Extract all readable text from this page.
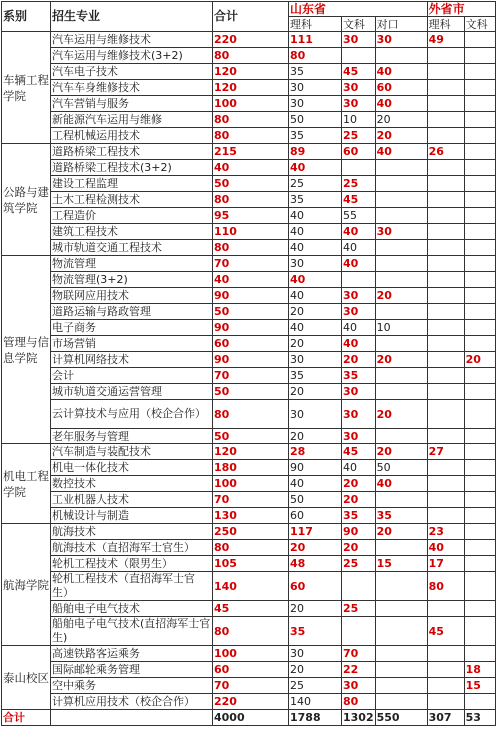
系别	招生专业	合计	山东省			外省市	
			理科	文科	对口	理科	文科
车辆工程学院	汽车运用与维修技术	220	111	30	30	49	
	汽车运用与维修技术(3+2)	80	80				
	汽车电子技术	120	35	45	40		
	汽车车身维修技术	120	30	30	60		
	汽车营销与服务	100	30	30	40		
	新能源汽车运用与维修	80	50	10	20		
	工程机械运用技术	80	35	25	20		
公路与建筑学院	道路桥梁工程技术	215	89	60	40	26	
	道路桥梁工程技术(3+2)	40	40				
	建设工程监理	50	25	25			
	土木工程检测技术	80	35	45			
	工程造价	95	40	55			
	建筑工程技术	110	40	40	30		
	城市轨道交通工程技术	80	40	40			
管理与信息学院	物流管理	70	30	40			
	物流管理(3+2)	40	40				
	物联网应用技术	90	40	30	20		
	道路运输与路政管理	50	20	30			
	电子商务	90	40	40	10		
	市场营销	60	20	40			
	计算机网络技术	90	30	20	20		20
	会计	70	35	35			
	城市轨道交通运营管理	50	20	30			
	云计算技术与应用（校企合作）	80	30	30	20		
	老年服务与管理	50	20	30			
机电工程学院	汽车制造与装配技术	120	28	45	20	27	
	机电一体化技术	180	90	40	50		
	数控技术	100	40	20	40		
	工业机器人技术	70	50	20			
	机械设计与制造	130	60	35	35		
航海学院	航海技术	250	117	90	20	23	
	航海技术（直招海军士官生）	80	20	20		40	
	轮机工程技术（限男生）	105	48	25	15	17	
	轮机工程技术（直招海军士官生）	140	60			80	
	船舶电子电气技术	45	20	25			
	船舶电子电气技术(直招海军士官生)	80	35			45	
泰山校区	高速铁路客运乘务	100	30	70			
	国际邮轮乘务管理	60	20	22			18
	空中乘务	70	25	30			15
	计算机应用技术（校企合作）	220	140	80			
合计		4000	1788	1302	550	307	53
